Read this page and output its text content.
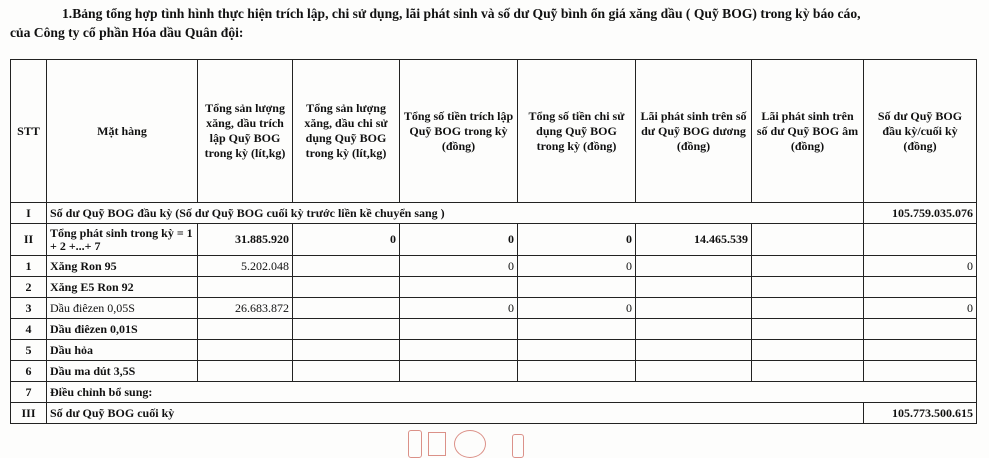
1.Bảng tổng hợp tình hình thực hiện trích lập, chi sử dụng, lãi phát sinh và số dư Quỹ bình ổn giá xăng dầu ( Quỹ BOG) trong kỳ báo cáo,
của Công ty cổ phần Hóa dầu Quân đội:
STT	Mặt hàng	Tổng sản lượng xăng, dầu trích lập Quỹ BOG trong kỳ (lít,kg)	Tổng sản lượng xăng, dầu chi sử dụng Quỹ BOG trong kỳ (lít,kg)	Tổng số tiền trích lập Quỹ BOG trong kỳ (đồng)	Tổng số tiền chi sử dụng Quỹ BOG trong kỳ (đồng)	Lãi phát sinh trên số dư Quỹ BOG dương (đồng)	Lãi phát sinh trên số dư Quỹ BOG âm (đồng)	Số dư Quỹ BOG đầu kỳ/cuối kỳ (đồng)
I	Số dư Quỹ BOG đầu kỳ (Số dư Quỹ BOG cuối kỳ trước liền kề chuyển sang )							105.759.035.076
II	Tổng phát sinh trong kỳ = 1 + 2 +...+ 7	31.885.920	0	0	0	14.465.539		
1	Xăng Ron 95	5.202.048		0	0			0
2	Xăng E5 Ron 92							
3	Dầu điêzen 0,05S	26.683.872		0	0			0
4	Dầu điêzen 0,01S							
5	Dầu hỏa							
6	Dầu ma dút 3,5S							
7	Điều chỉnh bổ sung:							
III	Số dư Quỹ BOG cuối kỳ							105.773.500.615
